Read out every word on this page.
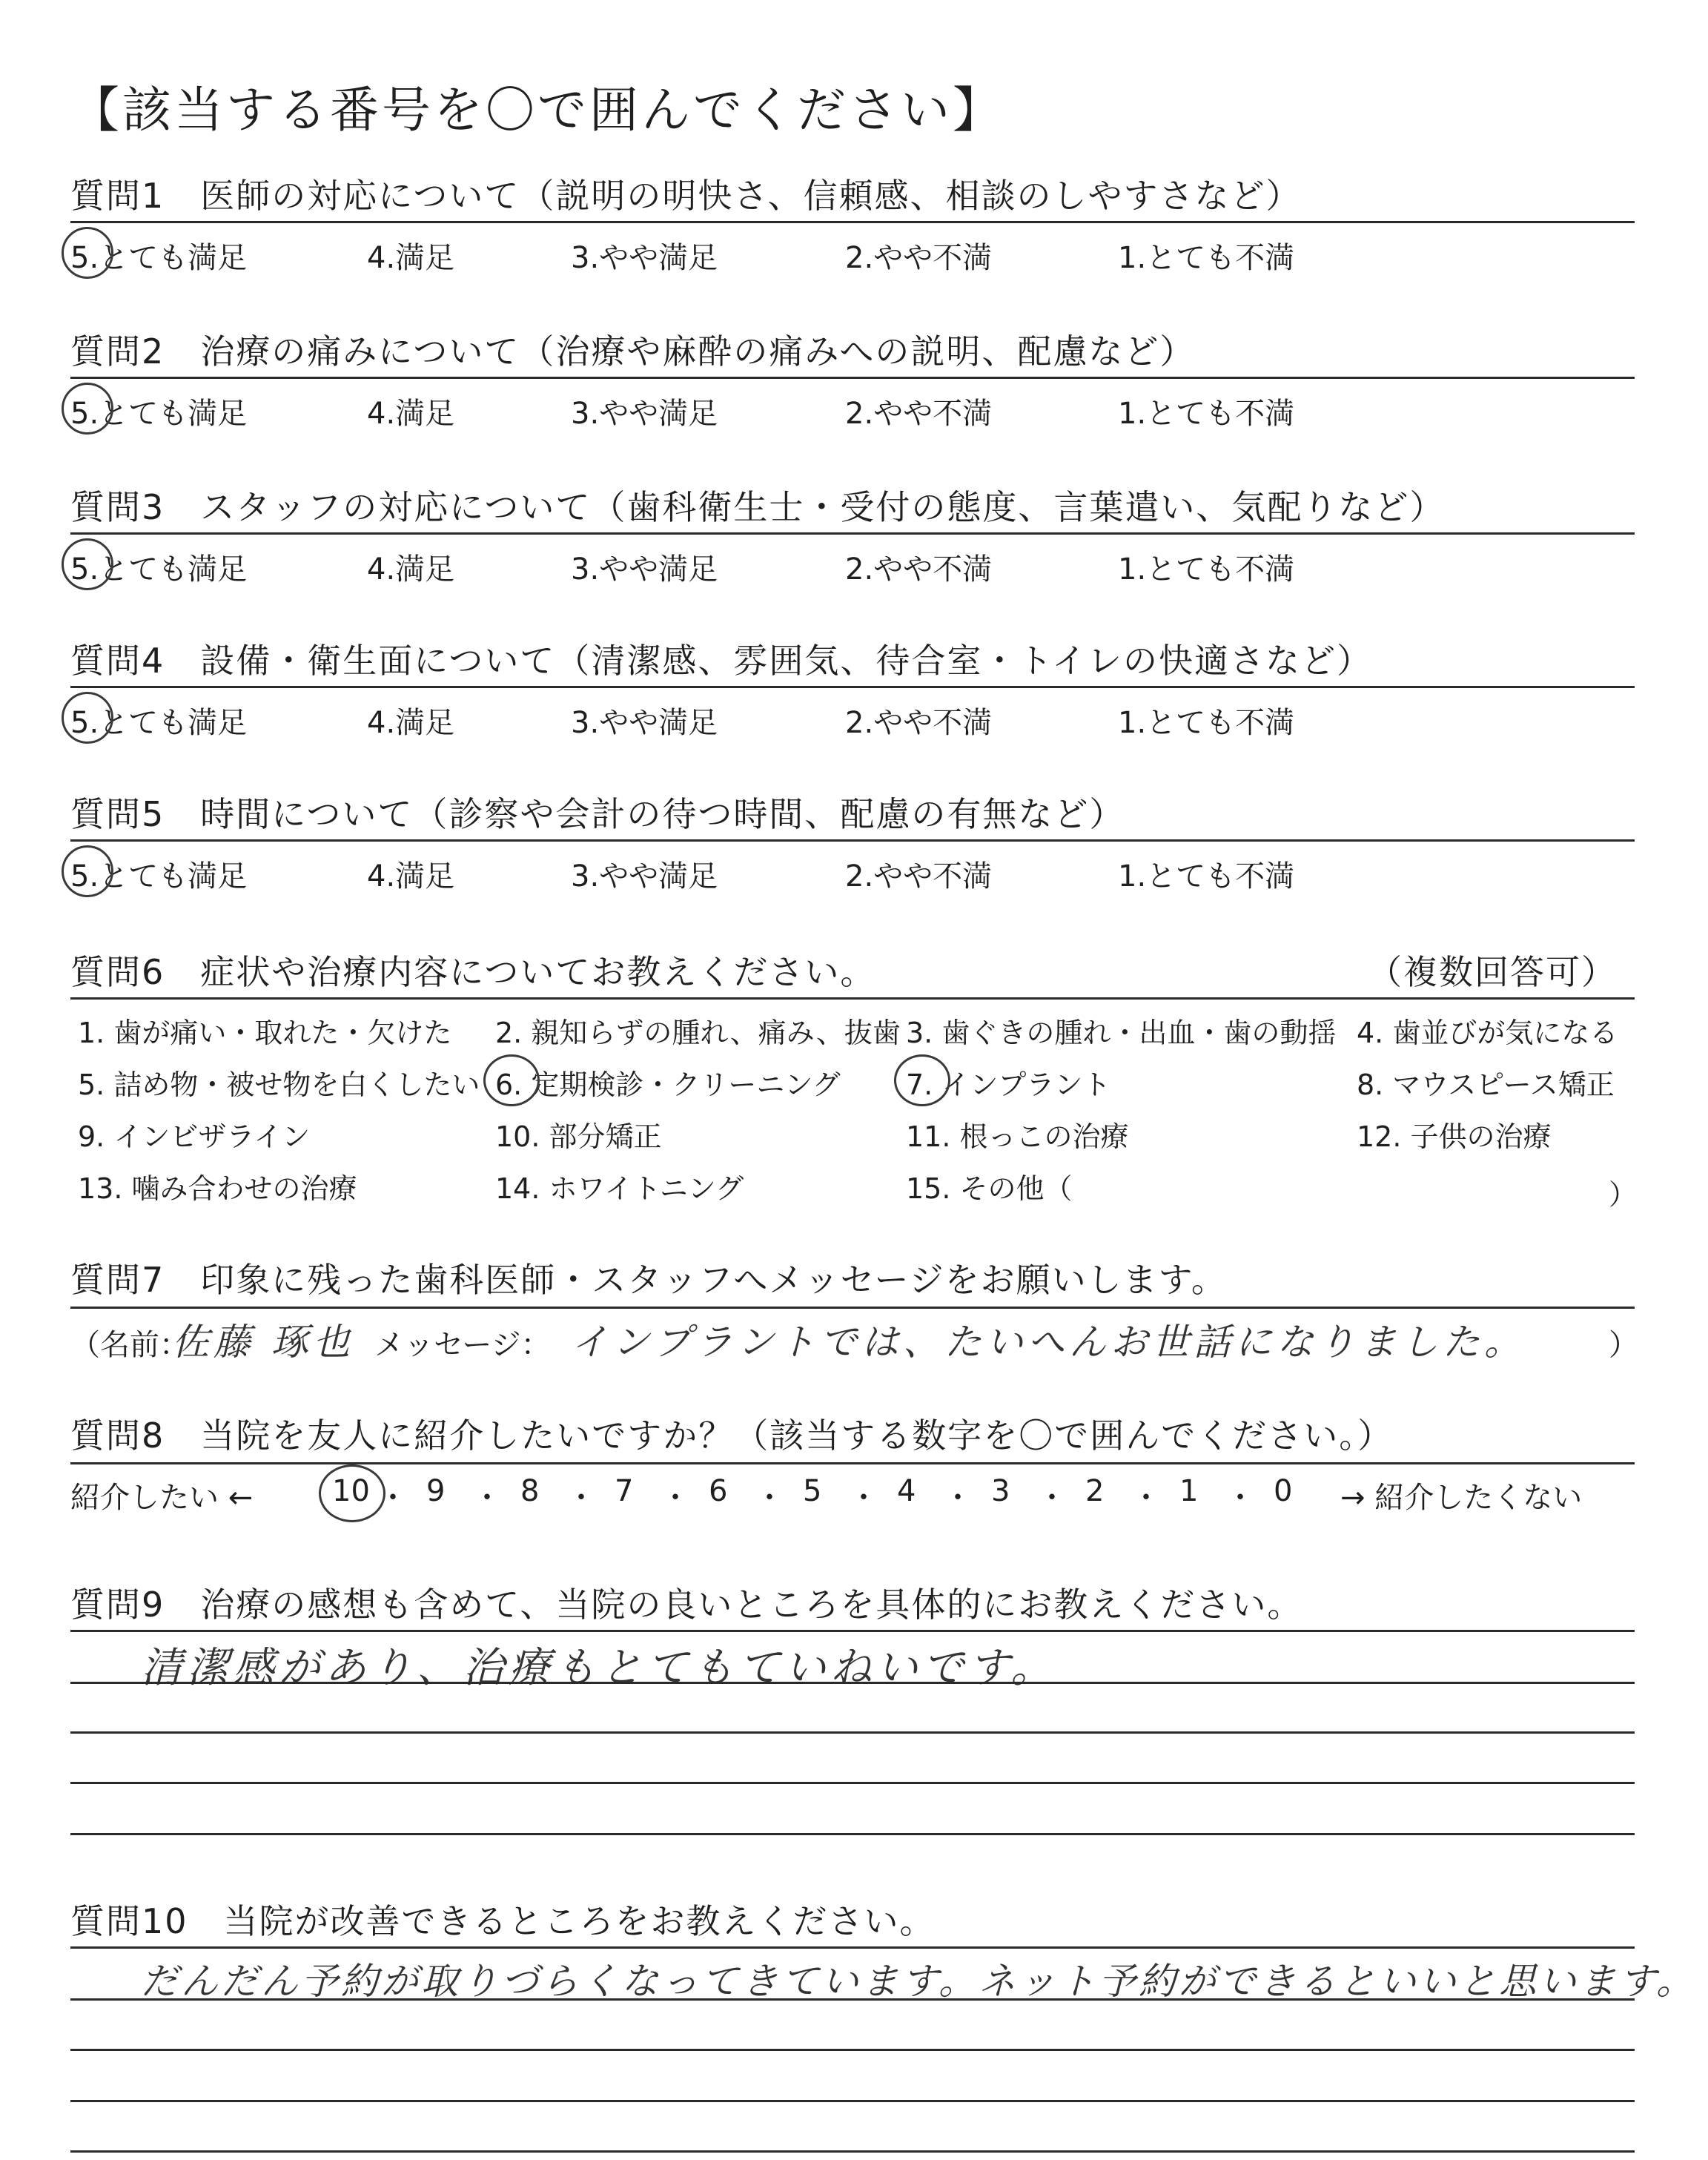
【該当する番号を〇で囲んでください】
質問1　医師の対応について（説明の明快さ、信頼感、相談のしやすさなど）
5.とても満足	4.満足	3.やや満足	2.やや不満	1.とても不満
質問2　治療の痛みについて（治療や麻酔の痛みへの説明、配慮など）
5.とても満足	4.満足	3.やや満足	2.やや不満	1.とても不満
質問3　スタッフの対応について（歯科衛生士・受付の態度、言葉遣い、気配りなど）
5.とても満足	4.満足	3.やや満足	2.やや不満	1.とても不満
質問4　設備・衛生面について（清潔感、雰囲気、待合室・トイレの快適さなど）
5.とても満足	4.満足	3.やや満足	2.やや不満	1.とても不満
質問5　時間について（診察や会計の待つ時間、配慮の有無など）
5.とても満足	4.満足	3.やや満足	2.やや不満	1.とても不満
質問6　症状や治療内容についてお教えください。	（複数回答可）
1. 歯が痛い・取れた・欠けた 2. 親知らずの腫れ、痛み、抜歯 3. 歯ぐきの腫れ・出血・歯の動揺 4. 歯並びが気になる
5. 詰め物・被せ物を白くしたい 6. 定期検診・クリーニング 7. インプラント	8. マウスピース矯正
9. インビザライン	10. 部分矯正	11. 根っこの治療	12. 子供の治療
13. 噛み合わせの治療	14. ホワイトニング	15. その他（	）
質問7　印象に残った歯科医師・スタッフへメッセージをお願いします。
（名前：
佐藤 琢也 メッセージ： インプラントでは、たいへんお世話になりました。	）
質問8　当院を友人に紹介したいですか？（該当する数字を〇で囲んでください。）
紹介したい ←	10 ・ 9 ・ 8 ・ 7 ・ 6 ・ 5 ・ 4 ・ 3 ・ 2 ・ 1 ・ 0 → 紹介したくない
質問9　治療の感想も含めて、当院の良いところを具体的にお教えください。
清潔感があり、治療もとてもていねいです。
質問10　当院が改善できるところをお教えください。
だんだん予約が取りづらくなってきています。ネット予約ができるといいと思います。
